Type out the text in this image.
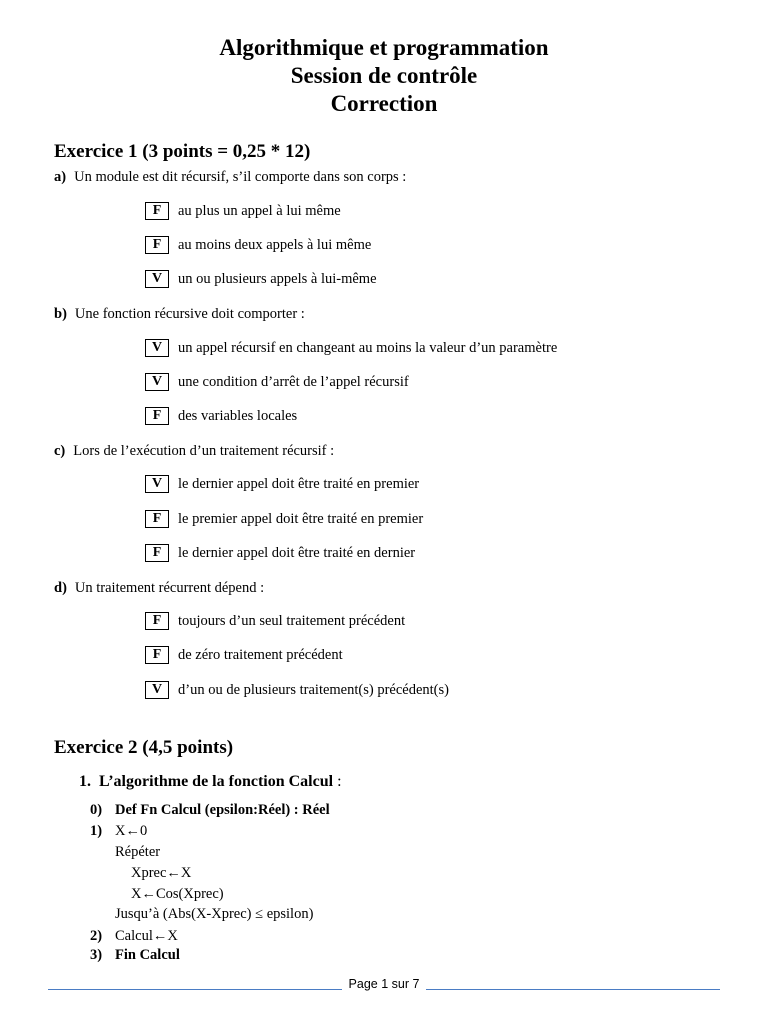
Algorithmique et programmation
Session de contrôle
Correction
Exercice 1 (3 points = 0,25 * 12)
a) Un module est dit récursif, s’il comporte dans son corps :
F	au plus un appel à lui même
F	au moins deux appels à lui même
V	un ou plusieurs appels à lui-même
b) Une fonction récursive doit comporter :
V	un appel récursif en changeant au moins la valeur d’un paramètre
V	une condition d’arrêt de l’appel récursif
F	des variables locales
c) Lors de l’exécution d’un traitement récursif :
V	le dernier appel doit être traité en premier
F	le premier appel doit être traité en premier
F	le dernier appel doit être traité en dernier
d) Un traitement récurrent dépend :
F	toujours d’un seul traitement précédent
F	de zéro traitement précédent
V	d’un ou de plusieurs traitement(s) précédent(s)
Exercice 2 (4,5 points)
1. L’algorithme de la fonction Calcul :
0) Def Fn Calcul (epsilon:Réel) : Réel
1) X←0
Répéter
Xprec←X
X←Cos(Xprec)
Jusqu’à (Abs(X-Xprec) ≤ epsilon)
2) Calcul←X
3) Fin Calcul
Page 1 sur 7
